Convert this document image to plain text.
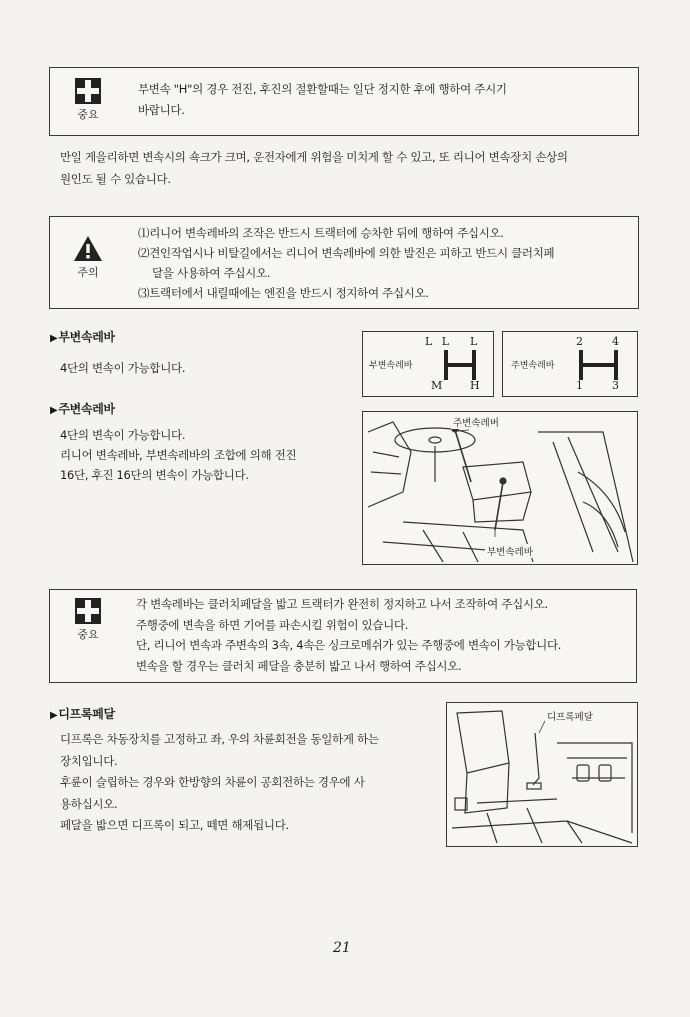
중요
부변속 "H"의 경우 전진, 후진의 절환할때는 일단 정지한 후에 행하여 주시기
바랍니다.
만일 게을리하면 변속시의 쇽크가 크며, 운전자에게 위험을 미치게 할 수 있고, 또 리니어 변속장치 손상의
원인도 될 수 있습니다.
주의
⑴리니어 변속레바의 조작은 반드시 트랙터에 승차한 뒤에 행하여 주십시오.
⑵견인작업시나 비탈길에서는 리니어 변속레바에 의한 발진은 피하고 반드시 클러치페
달을 사용하여 주십시오.
⑶트랙터에서 내릴때에는 엔진을 반드시 정지하여 주십시오.
▶부변속레바
4단의 변속이 가능합니다.
L L L
부변속레바
M	H
2	4
주변속레바
1	3
▶주변속레바
4단의 변속이 가능합니다.
리니어 변속레바, 부변속레바의 조합에 의해 전진
16단, 후진 16단의 변속이 가능합니다.
주변속레버
부변속레바
중요
각 변속레바는 클러치페달을 밟고 트랙터가 완전히 정지하고 나서 조작하여 주십시오.
주행중에 변속을 하면 기어를 파손시킬 위험이 있습니다.
단, 리니어 변속과 주변속의 3속, 4속은 싱크로메쉬가 있는 주행중에 변속이 가능합니다.
변속을 할 경우는 클러치 페달을 충분히 밟고 나서 행하여 주십시오.
▶디프록페달
디프록은 차동장치를 고정하고 좌, 우의 차륜회전을 동일하게 하는
장치입니다.
후륜이 슬립하는 경우와 한방향의 차륜이 공회전하는 경우에 사
용하십시오.
페달을 밟으면 디프록이 되고, 떼면 해제됩니다.
디프록페달
21
